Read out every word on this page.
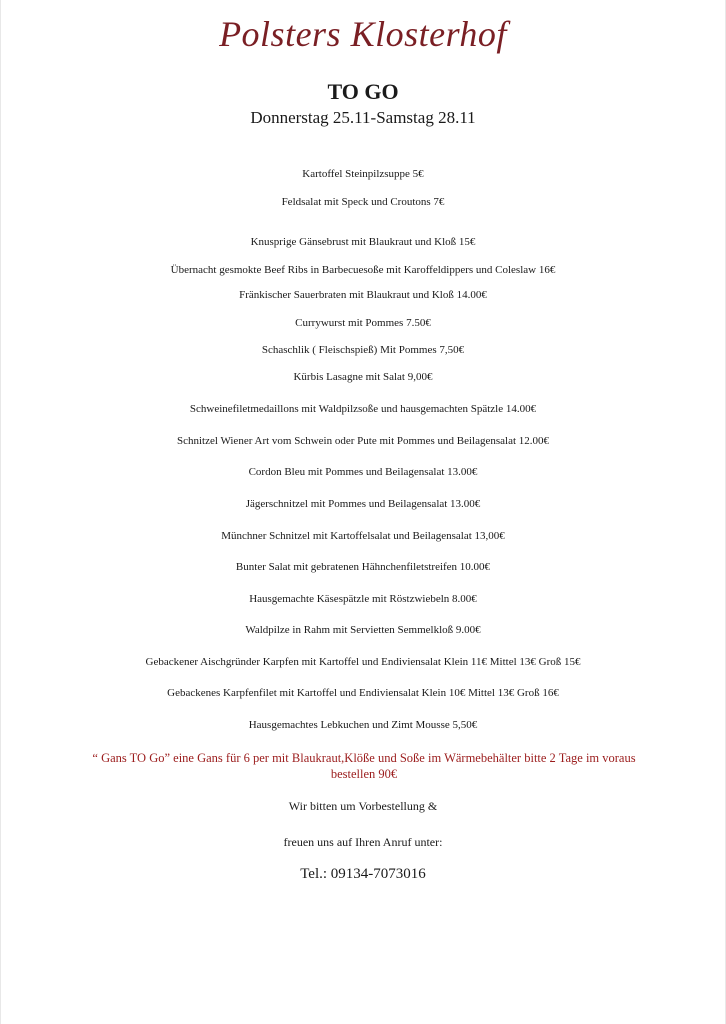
Polsters Klosterhof
TO GO
Donnerstag 25.11-Samstag 28.11
Kartoffel Steinpilzsuppe 5€
Feldsalat mit Speck und Croutons 7€
Knusprige Gänsebrust mit Blaukraut und Kloß 15€
Übernacht gesmokte Beef Ribs in Barbecuesoße mit Karoffeldippers und Coleslaw 16€
Fränkischer Sauerbraten mit Blaukraut und Kloß 14.00€
Currywurst mit Pommes 7.50€
Schaschlik ( Fleischspieß) Mit Pommes 7,50€
Kürbis Lasagne mit Salat 9,00€
Schweinefiletmedaillons mit Waldpilzsoße und hausgemachten Spätzle 14.00€
Schnitzel Wiener Art vom Schwein oder Pute mit Pommes und Beilagensalat 12.00€
Cordon Bleu mit Pommes und Beilagensalat 13.00€
Jägerschnitzel mit Pommes und Beilagensalat 13.00€
Münchner Schnitzel mit Kartoffelsalat und Beilagensalat 13,00€
Bunter Salat mit gebratenen Hähnchenfiletstreifen 10.00€
Hausgemachte Käsespätzle mit Röstzwiebeln 8.00€
Waldpilze in Rahm mit Servietten Semmelkloß 9.00€
Gebackener Aischgründer Karpfen mit Kartoffel und Endiviensalat Klein 11€ Mittel 13€ Groß 15€
Gebackenes Karpfenfilet mit Kartoffel und Endiviensalat Klein 10€ Mittel 13€ Groß 16€
Hausgemachtes Lebkuchen und Zimt Mousse 5,50€
“ Gans TO Go” eine Gans für 6 per mit Blaukraut,Klöße und Soße im Wärmebehälter bitte 2 Tage im voraus bestellen 90€
Wir bitten um Vorbestellung &
freuen uns auf Ihren Anruf unter:
Tel.: 09134-7073016
